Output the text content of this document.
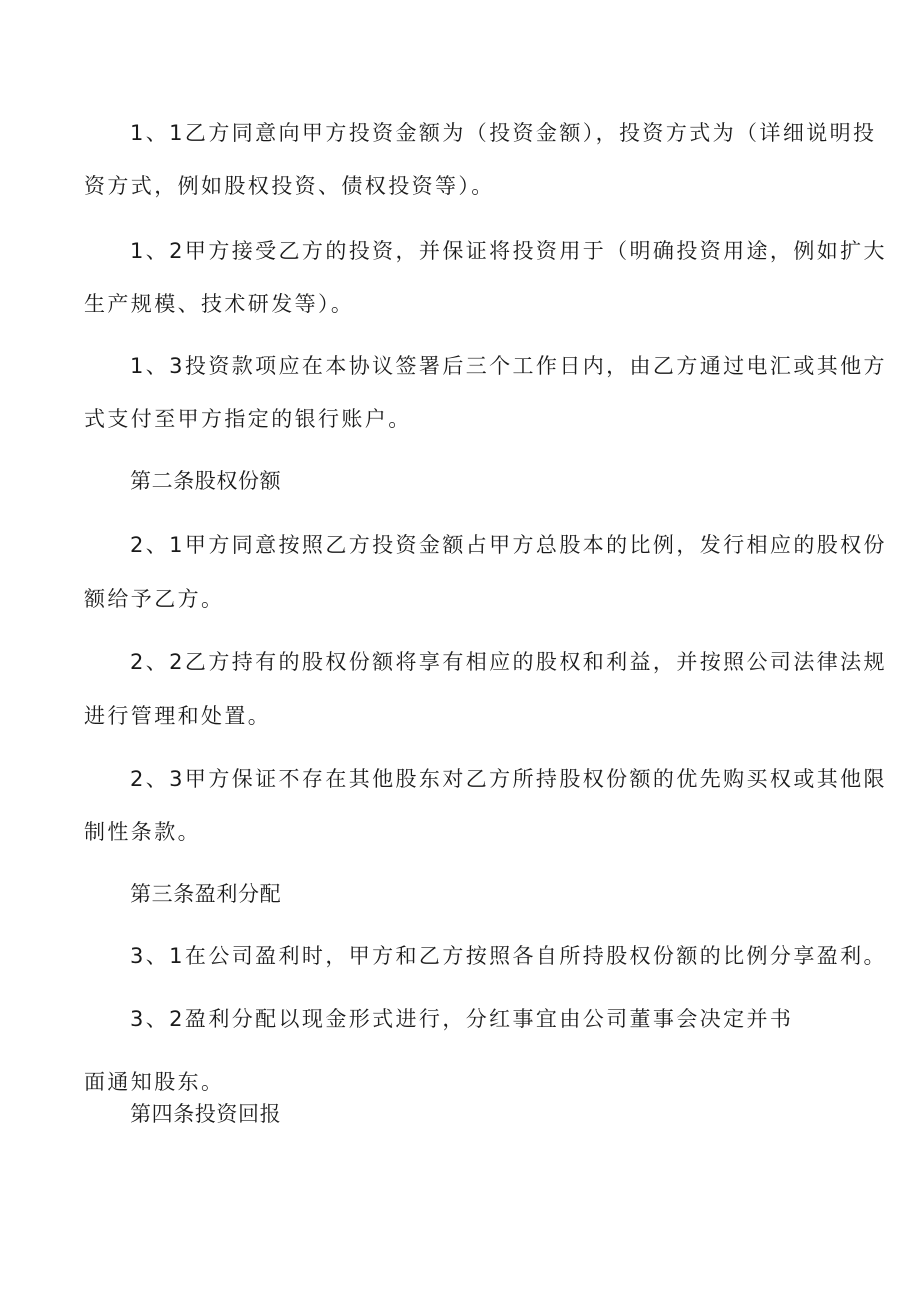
1、1乙方同意向甲方投资金额为（投资金额），投资方式为（详细说明投
资方式，例如股权投资、债权投资等）。
1、2甲方接受乙方的投资，并保证将投资用于（明确投资用途，例如扩大
生产规模、技术研发等）。
1、3投资款项应在本协议签署后三个工作日内，由乙方通过电汇或其他方
式支付至甲方指定的银行账户。
第二条股权份额
2、1甲方同意按照乙方投资金额占甲方总股本的比例，发行相应的股权份
额给予乙方。
2、2乙方持有的股权份额将享有相应的股权和利益，并按照公司法律法规
进行管理和处置。
2、3甲方保证不存在其他股东对乙方所持股权份额的优先购买权或其他限
制性条款。
第三条盈利分配
3、1在公司盈利时，甲方和乙方按照各自所持股权份额的比例分享盈利。
3、2盈利分配以现金形式进行，分红事宜由公司董事会决定并书
面通知股东。
第四条投资回报
